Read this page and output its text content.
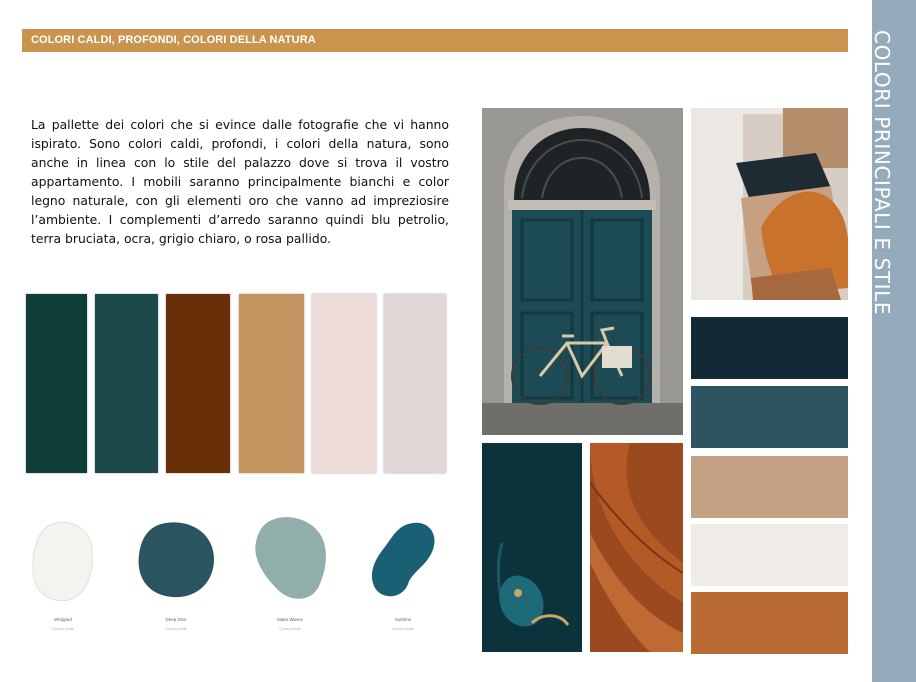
COLORI CALDI, PROFONDI, COLORI DELLA NATURA	COLORI PRINCIPALI E STILE

La pallette dei colori che si evince dalle fotografie che vi hanno ispirato. Sono colori caldi, profondi, i colori della natura, sono anche in linea con lo stile del palazzo dove si trova il vostro appartamento. I mobili saranno principalmente bianchi e color legno naturale, con gli elementi oro che vanno ad impreziosire l’ambiente. I complementi d’arredo saranno quindi blu petrolio, terra bruciata, ocra, grigio chiaro, o rosa pallido.

Whipped
Colour code
Deep Dive
Colour code
Make Waves
Colour code
Sublime
Colour code
